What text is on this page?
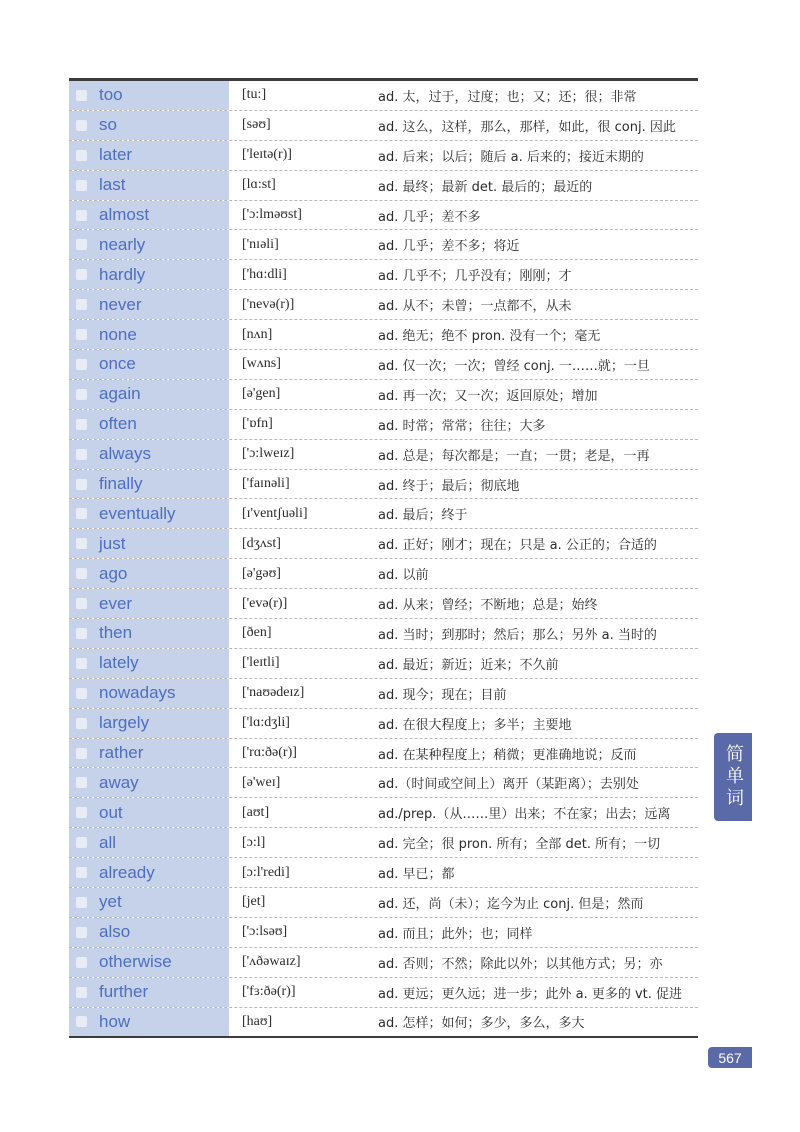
too	[tu:]	ad. 太，过于，过度；也；又；还；很；非常
so	[səʊ]	ad. 这么，这样，那么，那样，如此，很 conj. 因此
later	['leɪtə(r)]	ad. 后来；以后；随后 a. 后来的；接近末期的
last	[lɑ:st]	ad. 最终；最新 det. 最后的；最近的
almost	['ɔ:lməʊst]	ad. 几乎；差不多
nearly	['nɪəli]	ad. 几乎；差不多；将近
hardly	['hɑ:dli]	ad. 几乎不；几乎没有；刚刚；才
never	['nevə(r)]	ad. 从不；未曾；一点都不，从未
none	[nʌn]	ad. 绝无；绝不 pron. 没有一个；毫无
once	[wʌns]	ad. 仅一次；一次；曾经 conj. 一……就；一旦
again	[ə'gen]	ad. 再一次；又一次；返回原处；增加
often	['ɒfn]	ad. 时常；常常；往往；大多
always	['ɔ:lweɪz]	ad. 总是；每次都是；一直；一贯；老是，一再
finally	['faɪnəli]	ad. 终于；最后；彻底地
eventually	[ɪ'ventʃuəli]	ad. 最后；终于
just	[dʒʌst]	ad. 正好；刚才；现在；只是 a. 公正的；合适的
ago	[ə'gəʊ]	ad. 以前
ever	['evə(r)]	ad. 从来；曾经；不断地；总是；始终
then	[ðen]	ad. 当时；到那时；然后；那么；另外 a. 当时的
lately	['leɪtli]	ad. 最近；新近；近来；不久前
nowadays	['naʊədeɪz]	ad. 现今；现在；目前
largely	['lɑ:dʒli]	ad. 在很大程度上；多半；主要地
rather	['rɑ:ðə(r)]	ad. 在某种程度上；稍微；更准确地说；反而
away	[ə'weɪ]	ad.（时间或空间上）离开（某距离）；去别处
out	[aʊt]	ad./prep.（从……里）出来；不在家；出去；远离
all	[ɔ:l]	ad. 完全；很 pron. 所有；全部 det. 所有；一切
already	[ɔ:l'redi]	ad. 早已；都
yet	[jet]	ad. 还，尚（未）；迄今为止 conj. 但是；然而
also	['ɔ:lsəʊ]	ad. 而且；此外；也；同样
otherwise	['ʌðəwaɪz]	ad. 否则；不然；除此以外；以其他方式；另；亦
further	['fɜ:ðə(r)]	ad. 更远；更久远；进一步；此外 a. 更多的 vt. 促进
how	[haʊ]	ad. 怎样；如何；多少，多么，多大
简单词
567
